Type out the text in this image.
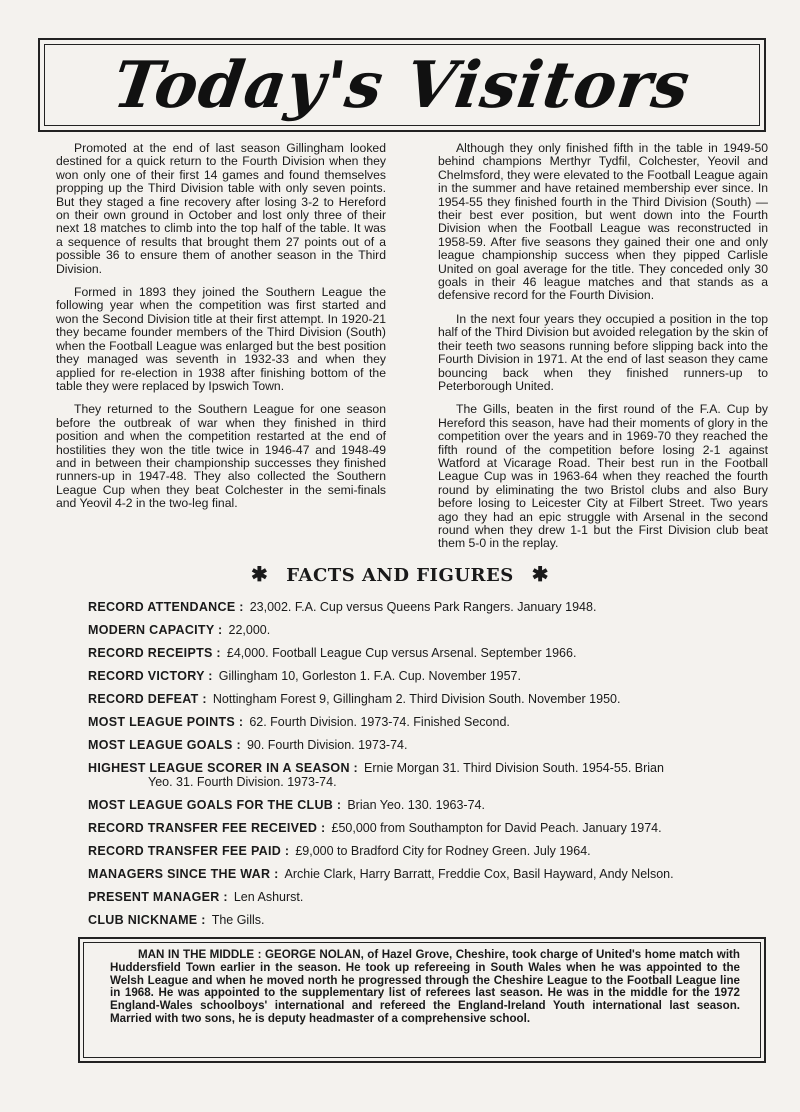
Today's Visitors

Promoted at the end of last season Gillingham looked destined for a quick return to the Fourth Division when they won only one of their first 14 games and found themselves propping up the Third Division table with only seven points. But they staged a fine recovery after losing 3-2 to Hereford on their own ground in October and lost only three of their next 18 matches to climb into the top half of the table. It was a sequence of results that brought them 27 points out of a possible 36 to ensure them of another season in the Third Division.

Formed in 1893 they joined the Southern League the following year when the competition was first started and won the Second Division title at their first attempt. In 1920-21 they became founder members of the Third Division (South) when the Football League was enlarged but the best position they managed was seventh in 1932-33 and when they applied for re-election in 1938 after finishing bottom of the table they were replaced by Ipswich Town.

They returned to the Southern League for one season before the outbreak of war when they finished in third position and when the competition restarted at the end of hostilities they won the title twice in 1946-47 and 1948-49 and in between their championship successes they finished runners-up in 1947-48. They also collected the Southern League Cup when they beat Colchester in the semi-finals and Yeovil 4-2 in the two-leg final.

Although they only finished fifth in the table in 1949-50 behind champions Merthyr Tydfil, Colchester, Yeovil and Chelmsford, they were elevated to the Football League again in the summer and have retained membership ever since. In 1954-55 they finished fourth in the Third Division (South) — their best ever position, but went down into the Fourth Division when the Football League was reconstructed in 1958-59. After five seasons they gained their one and only league championship success when they pipped Carlisle United on goal average for the title. They conceded only 30 goals in their 46 league matches and that stands as a defensive record for the Fourth Division.

In the next four years they occupied a position in the top half of the Third Division but avoided relegation by the skin of their teeth two seasons running before slipping back into the Fourth Division in 1971. At the end of last season they came bouncing back when they finished runners-up to Peterborough United.

The Gills, beaten in the first round of the F.A. Cup by Hereford this season, have had their moments of glory in the competition over the years and in 1969-70 they reached the fifth round of the competition before losing 2-1 against Watford at Vicarage Road. Their best run in the Football League Cup was in 1963-64 when they reached the fourth round by eliminating the two Bristol clubs and also Bury before losing to Leicester City at Filbert Street. Two years ago they had an epic struggle with Arsenal in the second round when they drew 1-1 but the First Division club beat them 5-0 in the replay.

✱ FACTS AND FIGURES ✱
RECORD ATTENDANCE : 23,002. F.A. Cup versus Queens Park Rangers. January 1948.
MODERN CAPACITY : 22,000.
RECORD RECEIPTS : £4,000. Football League Cup versus Arsenal. September 1966.
RECORD VICTORY : Gillingham 10, Gorleston 1. F.A. Cup. November 1957.
RECORD DEFEAT : Nottingham Forest 9, Gillingham 2. Third Division South. November 1950.
MOST LEAGUE POINTS : 62. Fourth Division. 1973-74. Finished Second.
MOST LEAGUE GOALS : 90. Fourth Division. 1973-74.
HIGHEST LEAGUE SCORER IN A SEASON : Ernie Morgan 31. Third Division South. 1954-55. Brian
Yeo. 31. Fourth Division. 1973-74.
MOST LEAGUE GOALS FOR THE CLUB : Brian Yeo. 130. 1963-74.
RECORD TRANSFER FEE RECEIVED : £50,000 from Southampton for David Peach. January 1974.
RECORD TRANSFER FEE PAID : £9,000 to Bradford City for Rodney Green. July 1964.
MANAGERS SINCE THE WAR : Archie Clark, Harry Barratt, Freddie Cox, Basil Hayward, Andy Nelson.
PRESENT MANAGER : Len Ashurst.
CLUB NICKNAME : The Gills.

MAN IN THE MIDDLE : GEORGE NOLAN, of Hazel Grove, Cheshire, took charge of United's home match with Huddersfield Town earlier in the season. He took up refereeing in South Wales when he was appointed to the Welsh League and when he moved north he progressed through the Cheshire League to the Football League line in 1968. He was appointed to the supplementary list of referees last season. He was in the middle for the 1972 England-Wales schoolboys' international and refereed the England-Ireland Youth international last season. Married with two sons, he is deputy headmaster of a comprehensive school.
